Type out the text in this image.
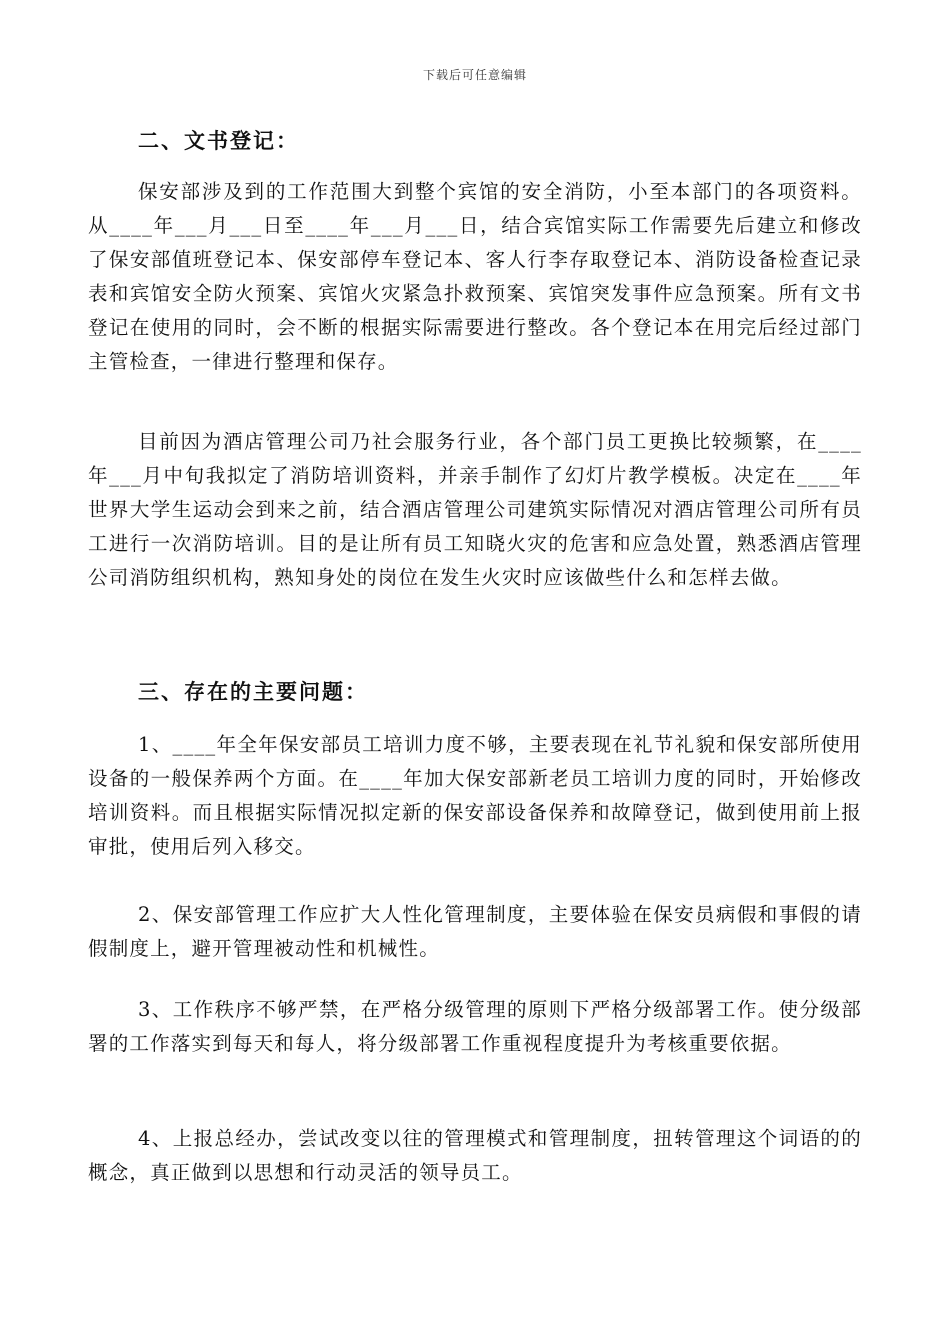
下载后可任意编辑
二、文书登记：

保安部涉及到的工作范围大到整个宾馆的安全消防，小至本部门的各项资料。从____年___月___日至____年___月___日，结合宾馆实际工作需要先后建立和修改了保安部值班登记本、保安部停车登记本、客人行李存取登记本、消防设备检查记录表和宾馆安全防火预案、宾馆火灾紧急扑救预案、宾馆突发事件应急预案。所有文书登记在使用的同时，会不断的根据实际需要进行整改。各个登记本在用完后经过部门主管检查，一律进行整理和保存。

目前因为酒店管理公司乃社会服务行业，各个部门员工更换比较频繁，在____年___月中旬我拟定了消防培训资料，并亲手制作了幻灯片教学模板。决定在____年世界大学生运动会到来之前，结合酒店管理公司建筑实际情况对酒店管理公司所有员工进行一次消防培训。目的是让所有员工知晓火灾的危害和应急处置，熟悉酒店管理公司消防组织机构，熟知身处的岗位在发生火灾时应该做些什么和怎样去做。

三、存在的主要问题：

1、____年全年保安部员工培训力度不够，主要表现在礼节礼貌和保安部所使用设备的一般保养两个方面。在____年加大保安部新老员工培训力度的同时，开始修改培训资料。而且根据实际情况拟定新的保安部设备保养和故障登记，做到使用前上报审批，使用后列入移交。

2、保安部管理工作应扩大人性化管理制度，主要体验在保安员病假和事假的请假制度上，避开管理被动性和机械性。

3、工作秩序不够严禁，在严格分级管理的原则下严格分级部署工作。使分级部署的工作落实到每天和每人，将分级部署工作重视程度提升为考核重要依据。

4、上报总经办，尝试改变以往的管理模式和管理制度，扭转管理这个词语的的概念，真正做到以思想和行动灵活的领导员工。
